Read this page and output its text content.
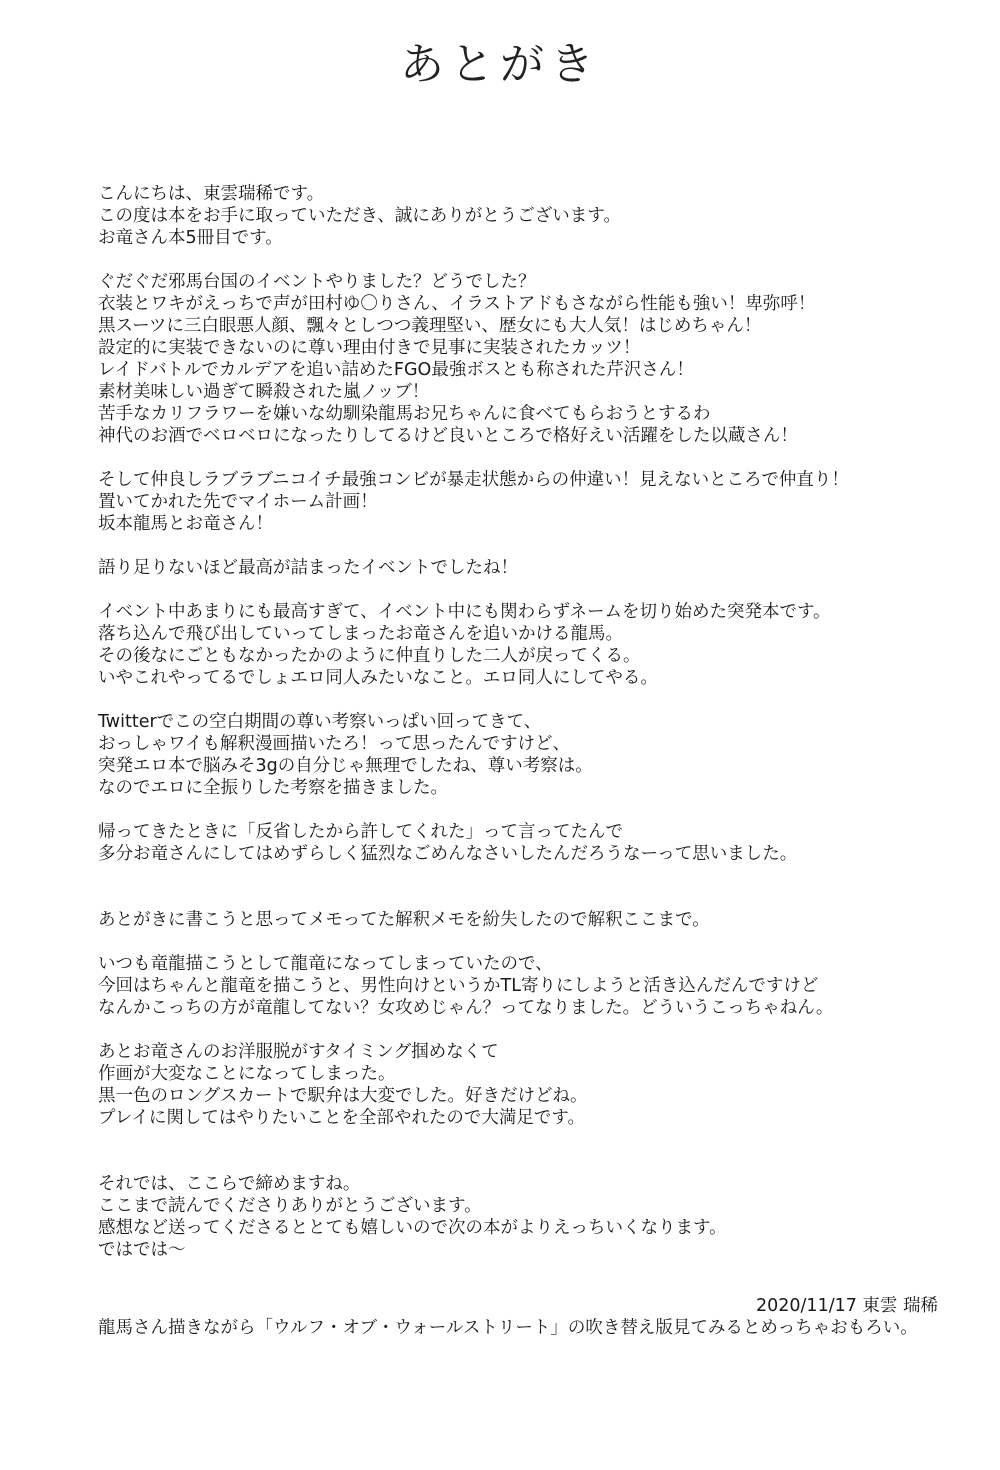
あとがき
こんにちは、東雲瑞稀です。
この度は本をお手に取っていただき、誠にありがとうございます。
お竜さん本5冊目です。
ぐだぐだ邪馬台国のイベントやりました？どうでした？
衣装とワキがえっちで声が田村ゆ〇りさん、イラストアドもさながら性能も強い！卑弥呼！
黒スーツに三白眼悪人顔、飄々としつつ義理堅い、歴女にも大人気！はじめちゃん！
設定的に実装できないのに尊い理由付きで見事に実装されたカッツ！
レイドバトルでカルデアを追い詰めたFGO最強ボスとも称された芹沢さん！
素材美味しい過ぎて瞬殺された嵐ノッブ！
苦手なカリフラワーを嫌いな幼馴染龍馬お兄ちゃんに食べてもらおうとするわ
神代のお酒でベロベロになったりしてるけど良いところで格好えい活躍をした以蔵さん！
そして仲良しラブラブニコイチ最強コンビが暴走状態からの仲違い！見えないところで仲直り！
置いてかれた先でマイホーム計画！
坂本龍馬とお竜さん！
語り足りないほど最高が詰まったイベントでしたね！
イベント中あまりにも最高すぎて、イベント中にも関わらずネームを切り始めた突発本です。
落ち込んで飛び出していってしまったお竜さんを追いかける龍馬。
その後なにごともなかったかのように仲直りした二人が戻ってくる。
いやこれやってるでしょエロ同人みたいなこと。エロ同人にしてやる。
Twitterでこの空白期間の尊い考察いっぱい回ってきて、
おっしゃワイも解釈漫画描いたろ！って思ったんですけど、
突発エロ本で脳みそ3gの自分じゃ無理でしたね、尊い考察は。
なのでエロに全振りした考察を描きました。
帰ってきたときに「反省したから許してくれた」って言ってたんで
多分お竜さんにしてはめずらしく猛烈なごめんなさいしたんだろうなーって思いました。
あとがきに書こうと思ってメモってた解釈メモを紛失したので解釈ここまで。
いつも竜龍描こうとして龍竜になってしまっていたので、
今回はちゃんと龍竜を描こうと、男性向けというかTL寄りにしようと活き込んだんですけど
なんかこっちの方が竜龍してない？女攻めじゃん？ってなりました。どういうこっちゃねん。
あとお竜さんのお洋服脱がすタイミング掴めなくて
作画が大変なことになってしまった。
黒一色のロングスカートで駅弁は大変でした。好きだけどね。
プレイに関してはやりたいことを全部やれたので大満足です。
それでは、ここらで締めますね。
ここまで読んでくださりありがとうございます。
感想など送ってくださるととても嬉しいので次の本がよりえっちいくなります。
ではでは〜
2020/11/17 東雲 瑞稀
龍馬さん描きながら「ウルフ・オブ・ウォールストリート」の吹き替え版見てみるとめっちゃおもろい。
